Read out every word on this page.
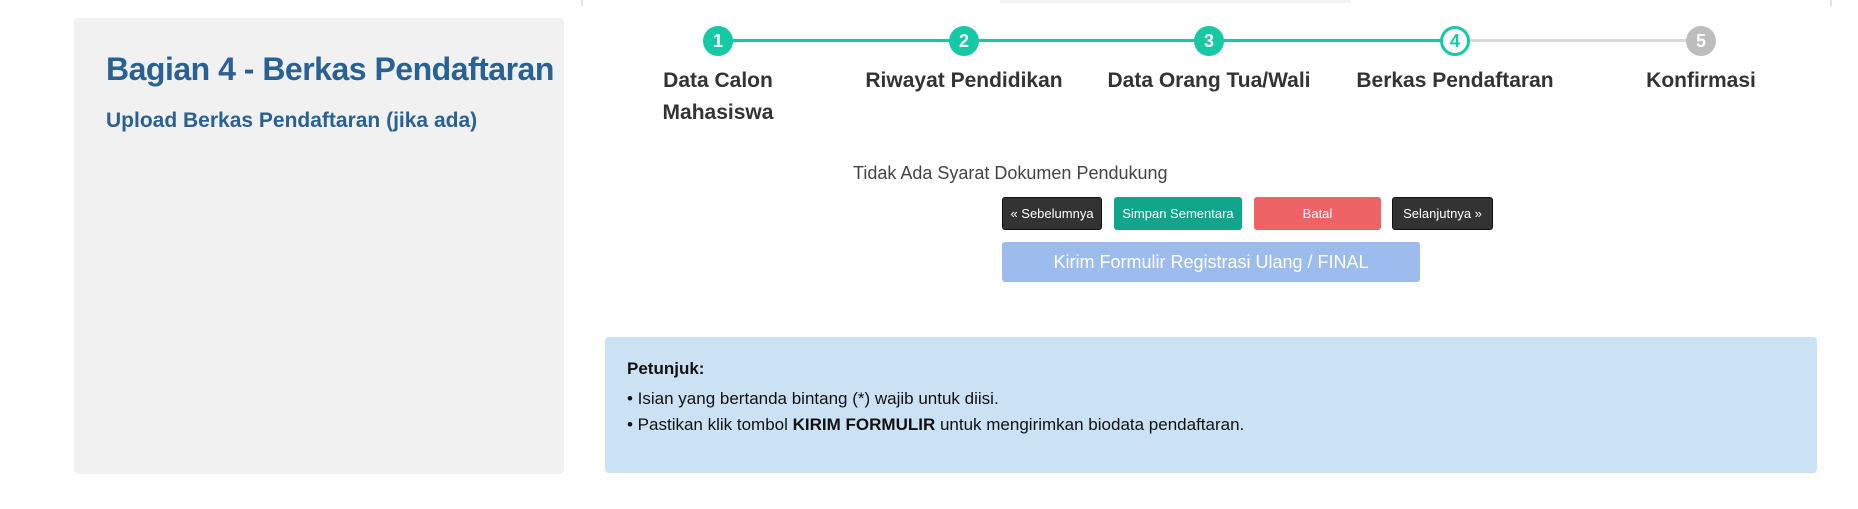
Bagian 4 - Berkas Pendaftaran
Upload Berkas Pendaftaran (jika ada)
1	2	3	4	5
Data Calon Mahasiswa
Riwayat Pendidikan	Data Orang Tua/Wali	Berkas Pendaftaran	Konfirmasi
Tidak Ada Syarat Dokumen Pendukung
« Sebelumnya	Simpan Sementara	Batal	Selanjutnya »
Kirim Formulir Registrasi Ulang / FINAL
Petunjuk:
• Isian yang bertanda bintang (*) wajib untuk diisi.
• Pastikan klik tombol KIRIM FORMULIR untuk mengirimkan biodata pendaftaran.
